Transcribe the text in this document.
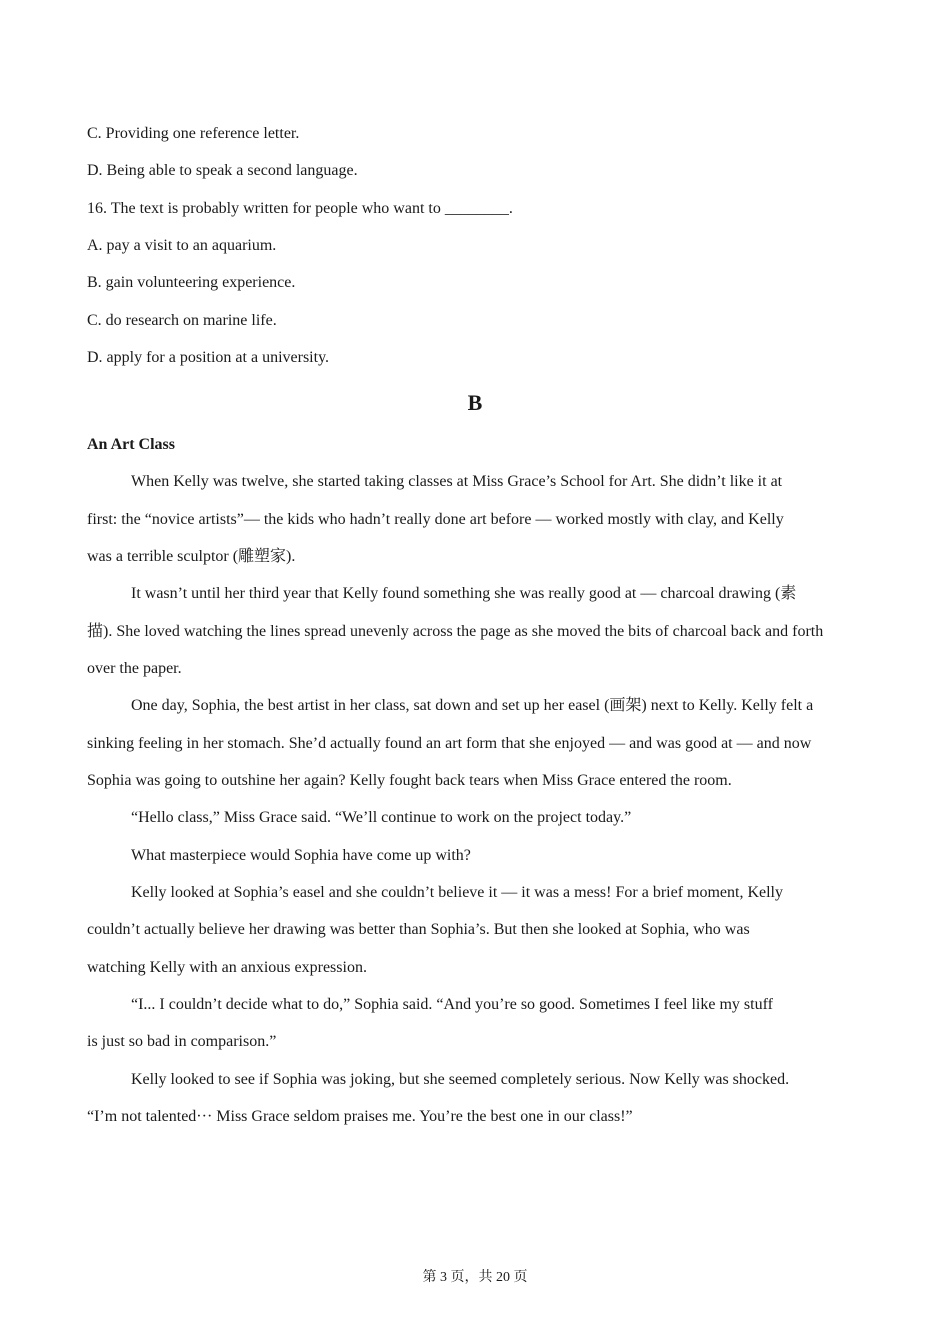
C. Providing one reference letter.
D. Being able to speak a second language.
16. The text is probably written for people who want to ________.
A. pay a visit to an aquarium.
B. gain volunteering experience.
C. do research on marine life.
D. apply for a position at a university.
B
An Art Class
When Kelly was twelve, she started taking classes at Miss Grace’s School for Art. She didn’t like it at
first: the “novice artists”— the kids who hadn’t really done art before — worked mostly with clay, and Kelly
was a terrible sculptor (雕塑家).
It wasn’t until her third year that Kelly found something she was really good at — charcoal drawing (素
描). She loved watching the lines spread unevenly across the page as she moved the bits of charcoal back and forth
over the paper.
One day, Sophia, the best artist in her class, sat down and set up her easel (画架) next to Kelly. Kelly felt a
sinking feeling in her stomach. She’d actually found an art form that she enjoyed — and was good at — and now
Sophia was going to outshine her again? Kelly fought back tears when Miss Grace entered the room.
“Hello class,” Miss Grace said. “We’ll continue to work on the project today.”
What masterpiece would Sophia have come up with?
Kelly looked at Sophia’s easel and she couldn’t believe it — it was a mess! For a brief moment, Kelly
couldn’t actually believe her drawing was better than Sophia’s. But then she looked at Sophia, who was
watching Kelly with an anxious expression.
“I... I couldn’t decide what to do,” Sophia said. “And you’re so good. Sometimes I feel like my stuff
is just so bad in comparison.”
Kelly looked to see if Sophia was joking, but she seemed completely serious. Now Kelly was shocked.
“I’m not talented··· Miss Grace seldom praises me. You’re the best one in our class!”
第 3 页，共 20 页
